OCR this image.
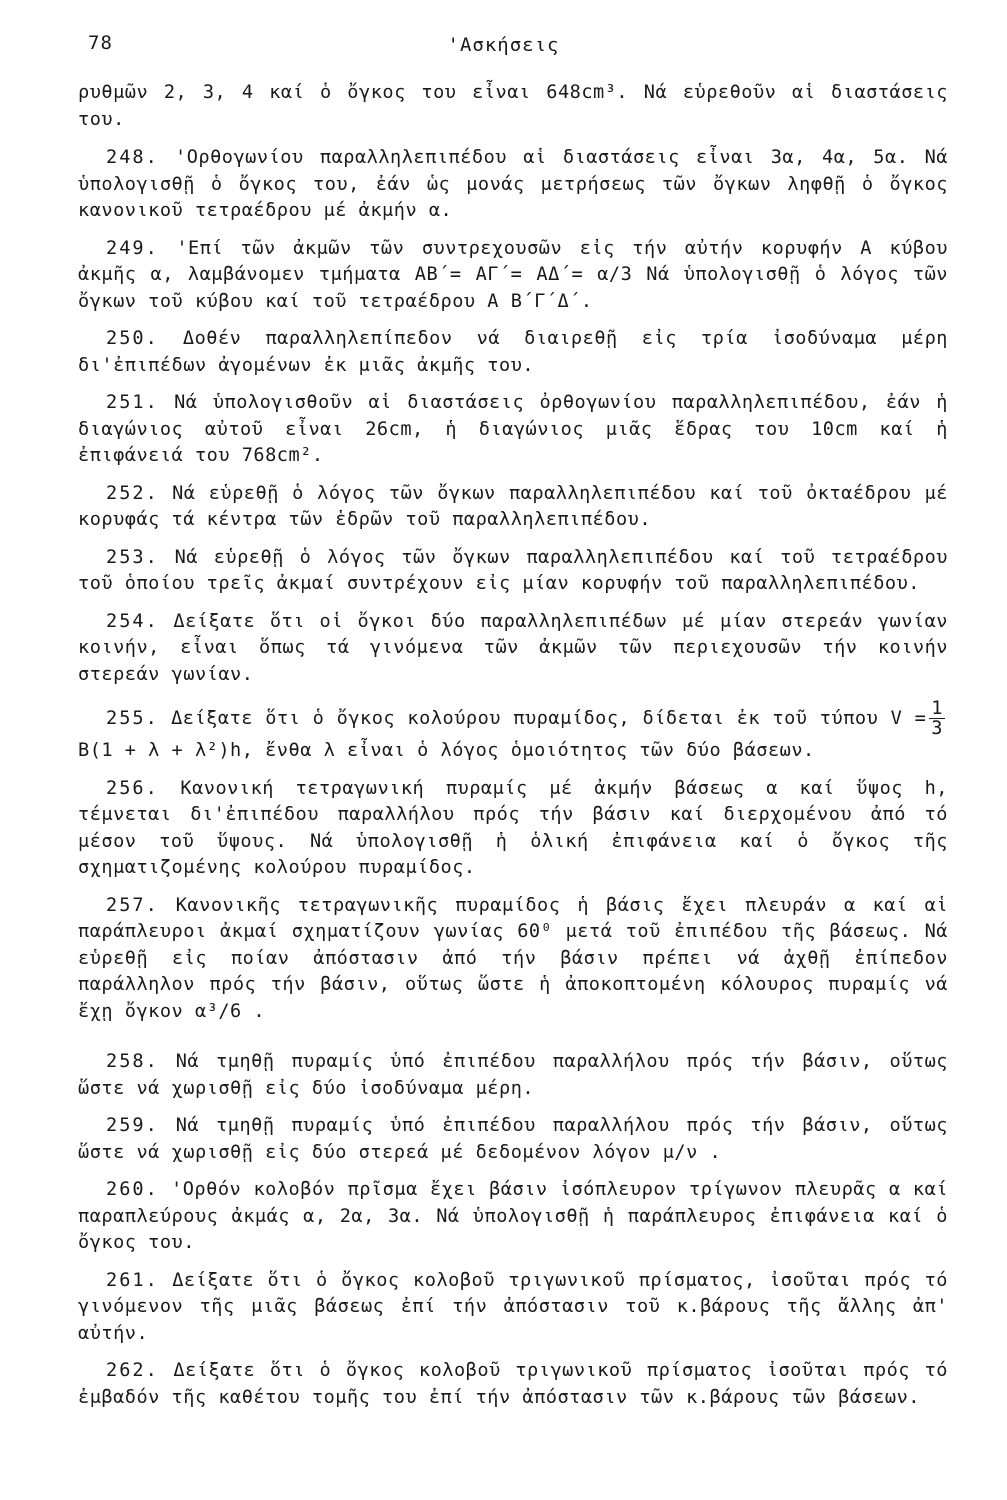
78	'Ασκήσεις

ρυθμῶν 2, 3, 4 καί ὁ ὄγκος του εἶναι 648cm³. Νά εὑρεθοῦν αἱ διαστάσεις του.

248. 'Ορθογωνίου παραλληλεπιπέδου αἱ διαστάσεις εἶναι 3α, 4α, 5α. Νά ὑπολογισθῇ ὁ ὄγκος του, ἐάν ὡς μονάς μετρήσεως τῶν ὄγκων ληφθῇ ὁ ὄγκος κανονικοῦ τετραέδρου μέ ἀκμήν α.

249. 'Επί τῶν ἀκμῶν τῶν συντρεχουσῶν εἰς τήν αὐτήν κορυφήν Α κύβου ἀκμῆς α, λαμβάνομεν τμήματα ΑΒ΄= ΑΓ΄= ΑΔ΄= α/3 Νά ὑπολογισθῇ ὁ λόγος τῶν ὄγκων τοῦ κύβου καί τοῦ τετραέδρου Α Β΄Γ΄Δ΄.

250. Δοθέν παραλληλεπίπεδον νά διαιρεθῇ εἰς τρία ἰσοδύναμα μέρη δι'ἐπιπέδων ἀγομένων ἐκ μιᾶς ἀκμῆς του.

251. Νά ὑπολογισθοῦν αἱ διαστάσεις ὀρθογωνίου παραλληλεπιπέδου, ἐάν ἡ διαγώνιος αὐτοῦ εἶναι 26cm, ἡ διαγώνιος μιᾶς ἕδρας του 10cm καί ἡ ἐπιφάνειά του 768cm².

252. Νά εὑρεθῇ ὁ λόγος τῶν ὄγκων παραλληλεπιπέδου καί τοῦ ὀκταέδρου μέ κορυφάς τά κέντρα τῶν ἑδρῶν τοῦ παραλληλεπιπέδου.

253. Νά εὑρεθῇ ὁ λόγος τῶν ὄγκων παραλληλεπιπέδου καί τοῦ τετραέδρου τοῦ ὁποίου τρεῖς ἀκμαί συντρέχουν εἰς μίαν κορυφήν τοῦ παραλληλεπιπέδου.

254. Δείξατε ὅτι οἱ ὄγκοι δύο παραλληλεπιπέδων μέ μίαν στερεάν γωνίαν κοινήν, εἶναι ὅπως τά γινόμενα τῶν ἀκμῶν τῶν περιεχουσῶν τήν κοινήν στερεάν γωνίαν.

255. Δείξατε ὅτι ὁ ὄγκος κολούρου πυραμίδος, δίδεται ἐκ τοῦ τύπου $V = \frac{1}{3}$
B(1 + λ + λ²)h, ἔνθα λ εἶναι ὁ λόγος ὁμοιότητος τῶν δύο βάσεων.

256. Κανονική τετραγωνική πυραμίς μέ ἀκμήν βάσεως α καί ὕψος h, τέμνεται δι'ἐπιπέδου παραλλήλου πρός τήν βάσιν καί διερχομένου ἀπό τό μέσον τοῦ ὕψους. Νά ὑπολογισθῇ ἡ ὁλική ἐπιφάνεια καί ὁ ὄγκος τῆς σχηματιζομένης κολούρου πυραμίδος.

257. Κανονικῆς τετραγωνικῆς πυραμίδος ἡ βάσις ἔχει πλευράν α καί αἱ παράπλευροι ἀκμαί σχηματίζουν γωνίας 60⁰ μετά τοῦ ἐπιπέδου τῆς βάσεως. Νά εὑρεθῇ εἰς ποίαν ἀπόστασιν ἀπό τήν βάσιν πρέπει νά ἀχθῇ ἐπίπεδον παράλληλον πρός τήν βάσιν, οὕτως ὥστε ἡ ἀποκοπτομένη κόλουρος πυραμίς νά ἔχῃ ὄγκον α³/6 .

258. Νά τμηθῇ πυραμίς ὑπό ἐπιπέδου παραλλήλου πρός τήν βάσιν, οὕτως ὥστε νά χωρισθῇ εἰς δύο ἰσοδύναμα μέρη.

259. Νά τμηθῇ πυραμίς ὑπό ἐπιπέδου παραλλήλου πρός τήν βάσιν, οὕτως ὥστε νά χωρισθῇ εἰς δύο στερεά μέ δεδομένον λόγον μ/ν .

260. 'Ορθόν κολοβόν πρῖσμα ἔχει βάσιν ἰσόπλευρον τρίγωνον πλευρᾶς α καί παραπλεύρους ἀκμάς α, 2α, 3α. Νά ὑπολογισθῇ ἡ παράπλευρος ἐπιφάνεια καί ὁ ὄγκος του.

261. Δείξατε ὅτι ὁ ὄγκος κολοβοῦ τριγωνικοῦ πρίσματος, ἰσοῦται πρός τό γινόμενον τῆς μιᾶς βάσεως ἐπί τήν ἀπόστασιν τοῦ κ.βάρους τῆς ἄλλης ἀπ' αὐτήν.

262. Δείξατε ὅτι ὁ ὄγκος κολοβοῦ τριγωνικοῦ πρίσματος ἰσοῦται πρός τό ἐμβαδόν τῆς καθέτου τομῆς του ἐπί τήν ἀπόστασιν τῶν κ.βάρους τῶν βάσεων.
